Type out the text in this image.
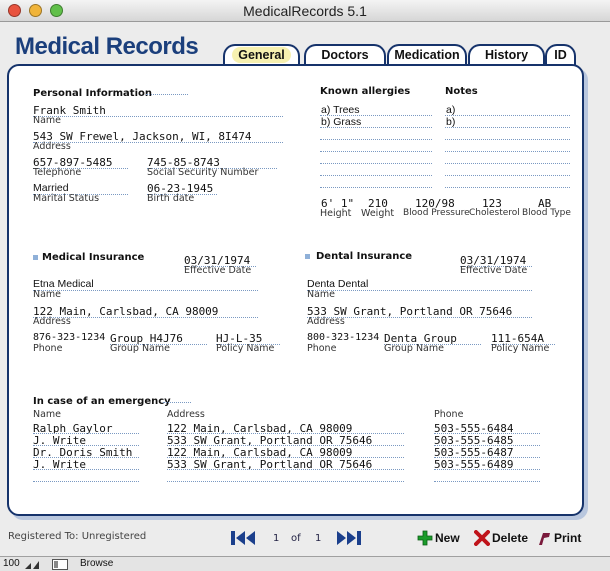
MedicalRecords 5.1
Medical Records	General	Doctors	Medication	History	ID
Personal Information
Frank Smith
Name
543 SW Frewel, Jackson, WI, 8I474
Address
657-897-5485
Telephone
745-85-8743
Social Security Number
Married
Marital Status
06-23-1945
Birth date
Known allergies
a) Trees
b) Grass
Notes
a)
b)
6' 1"
Height
210
Weight
120/98
Blood Pressure
123
Cholesterol
AB
Blood Type
Medical Insurance	03/31/1974
Effective Date
Etna Medical
Name
122 Main, Carlsbad, CA 98009
Address
876-323-1234
Phone
Group H4J76
Group Name
HJ-L-35
Policy Name
Dental Insurance	03/31/1974
Effective Date
Denta Dental
Name
533 SW Grant, Portland OR 75646
Address
800-323-1234
Phone
Denta Group
Group Name
111-654A
Policy Name
In case of an emergency
Name	Address	Phone
Ralph Gaylor	122 Main, Carlsbad, CA 98009	503-555-6484
J. Write	533 SW Grant, Portland OR 75646	503-555-6485
Dr. Doris Smith	122 Main, Carlsbad, CA 98009	503-555-6487
J. Write	533 SW Grant, Portland OR 75646	503-555-6489
Registered To: Unregistered	1 of 1	New	Delete Print
100	Browse
